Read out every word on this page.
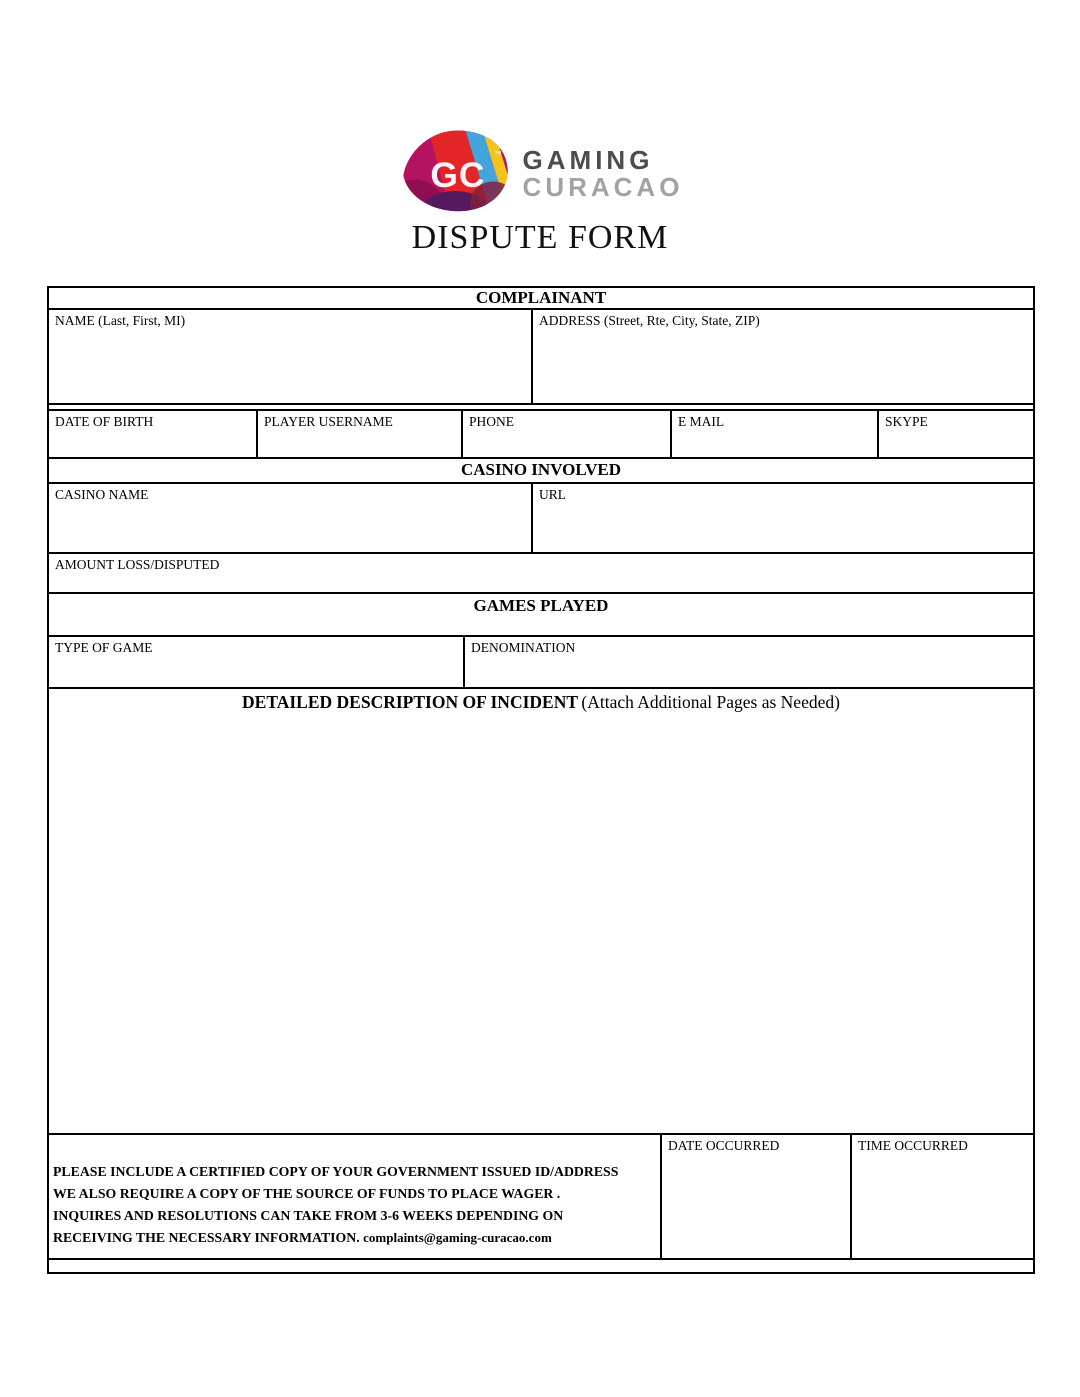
GC
™ GAMING
CURACAO
DISPUTE FORM
COMPLAINANT
NAME (Last, First, MI)	ADDRESS (Street, Rte, City, State, ZIP)
DATE OF BIRTH	PLAYER USERNAME	PHONE	E MAIL	SKYPE
CASINO INVOLVED
CASINO NAME	URL
AMOUNT LOSS/DISPUTED
GAMES PLAYED
TYPE OF GAME	DENOMINATION
DETAILED DESCRIPTION OF INCIDENT (Attach Additional Pages as Needed)
PLEASE INCLUDE A CERTIFIED COPY OF YOUR GOVERNMENT ISSUED ID/ADDRESS
WE ALSO REQUIRE A COPY OF THE SOURCE OF FUNDS TO PLACE WAGER .
INQUIRES AND RESOLUTIONS CAN TAKE FROM 3-6 WEEKS DEPENDING ON
RECEIVING THE NECESSARY INFORMATION. complaints@gaming-curacao.com
DATE OCCURRED	TIME OCCURRED
